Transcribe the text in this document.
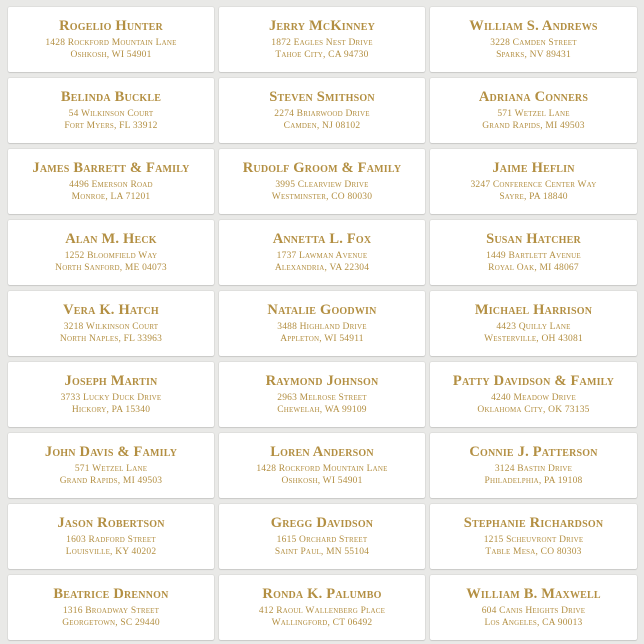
Rogelio Hunter
1428 Rockford Mountain Lane
Oshkosh, WI 54901
Jerry McKinney
1872 Eagles Nest Drive
Tahoe City, CA 94730
William S. Andrews
3228 Camden Street
Sparks, NV 89431
Belinda Buckle
54 Wilkinson Court
Fort Myers, FL 33912
Steven Smithson
2274 Briarwood Drive
Camden, NJ 08102
Adriana Conners
571 Wetzel Lane
Grand Rapids, MI 49503
James Barrett & Family
4496 Emerson Road
Monroe, LA 71201
Rudolf Groom & Family
3995 Clearview Drive
Westminster, CO 80030
Jaime Heflin
3247 Conference Center Way
Sayre, PA 18840
Alan M. Heck
1252 Bloomfield Way
North Sanford, ME 04073
Annetta L. Fox
1737 Lawman Avenue
Alexandria, VA 22304
Susan Hatcher
1449 Bartlett Avenue
Royal Oak, MI 48067
Vera K. Hatch
3218 Wilkinson Court
North Naples, FL 33963
Natalie Goodwin
3488 Highland Drive
Appleton, WI 54911
Michael Harrison
4423 Quilly Lane
Westerville, OH 43081
Joseph Martin
3733 Lucky Duck Drive
Hickory, PA 15340
Raymond Johnson
2963 Melrose Street
Chewelah, WA 99109
Patty Davidson & Family
4240 Meadow Drive
Oklahoma City, OK 73135
John Davis & Family
571 Wetzel Lane
Grand Rapids, MI 49503
Loren Anderson
1428 Rockford Mountain Lane
Oshkosh, WI 54901
Connie J. Patterson
3124 Bastin Drive
Philadelphia, PA 19108
Jason Robertson
1603 Radford Street
Louisville, KY 40202
Gregg Davidson
1615 Orchard Street
Saint Paul, MN 55104
Stephanie Richardson
1215 Scheuvront Drive
Table Mesa, CO 80303
Beatrice Drennon
1316 Broadway Street
Georgetown, SC 29440
Ronda K. Palumbo
412 Raoul Wallenberg Place
Wallingford, CT 06492
William B. Maxwell
604 Canis Heights Drive
Los Angeles, CA 90013
